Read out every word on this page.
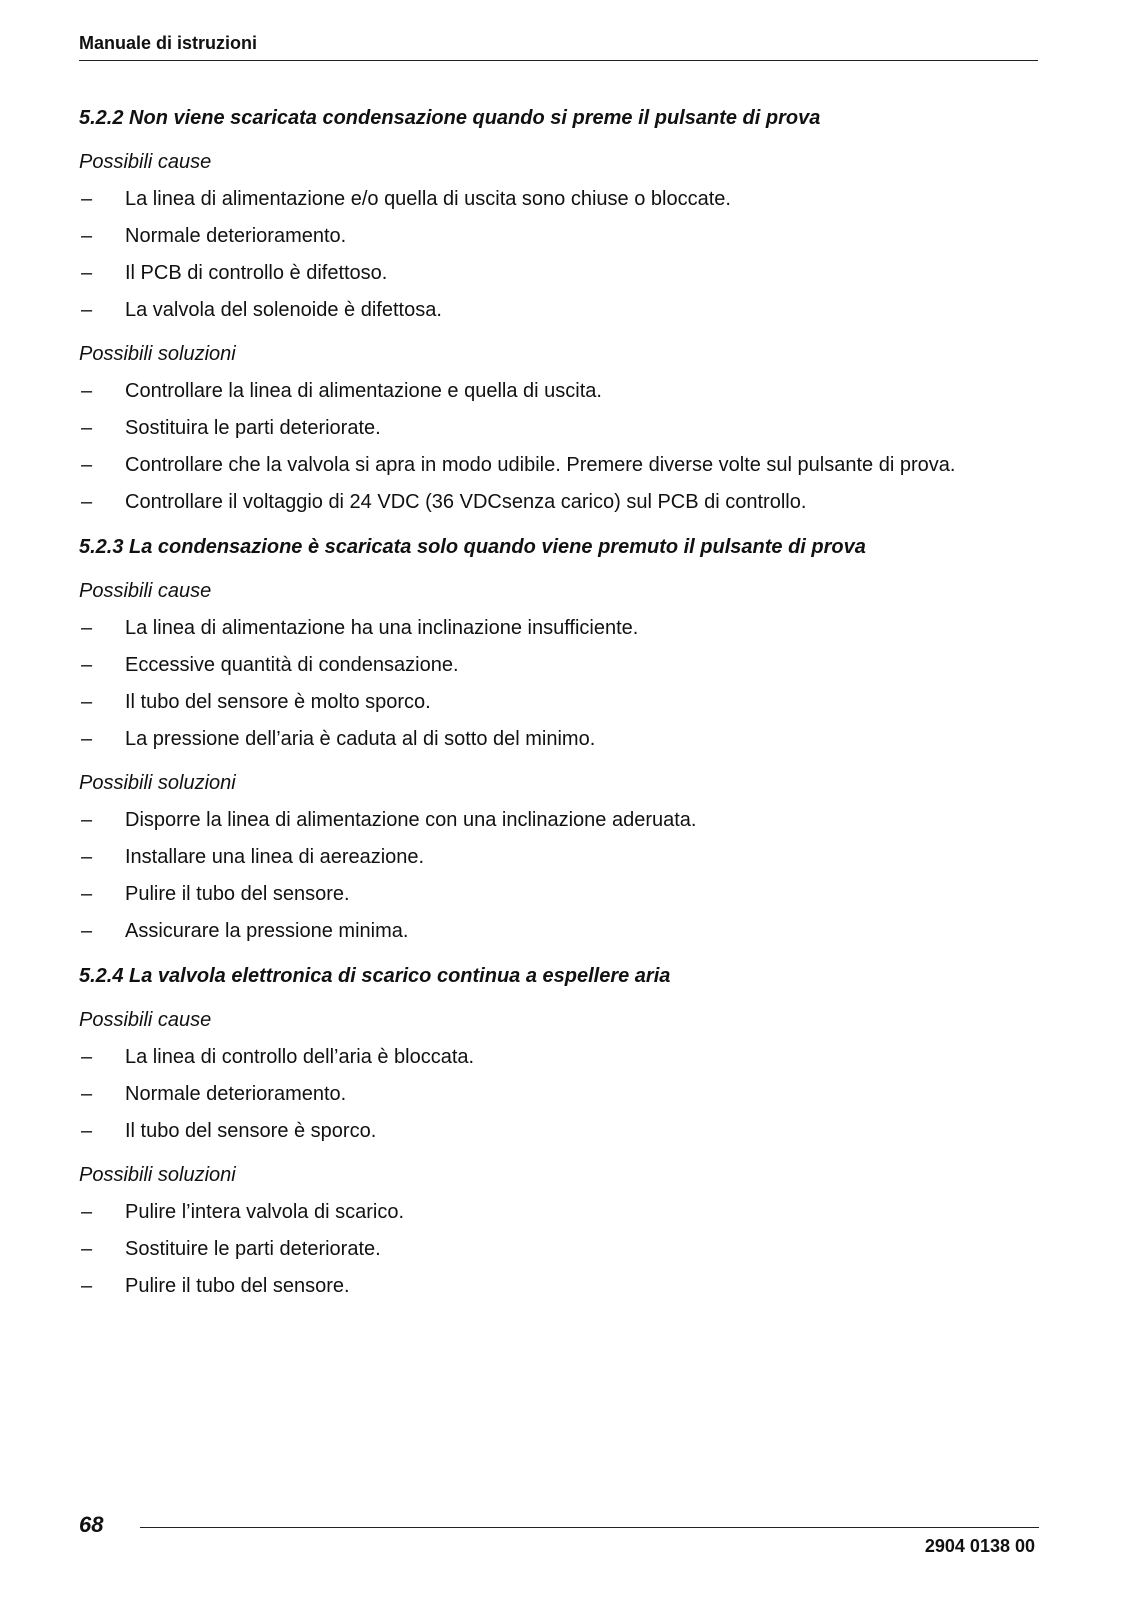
Manuale di istruzioni
5.2.2 Non viene scaricata condensazione quando si preme il pulsante di prova
Possibili cause
– La linea di alimentazione e/o quella di uscita sono chiuse o bloccate.
– Normale deterioramento.
– Il PCB di controllo è difettoso.
– La valvola del solenoide è difettosa.
Possibili soluzioni
– Controllare la linea di alimentazione e quella di uscita.
– Sostituira le parti deteriorate.
– Controllare che la valvola si apra in modo udibile. Premere diverse volte sul pulsante di prova.
– Controllare il voltaggio di 24 VDC (36 VDCsenza carico) sul PCB di controllo.
5.2.3 La condensazione è scaricata solo quando viene premuto il pulsante di prova
Possibili cause
– La linea di alimentazione ha una inclinazione insufficiente.
– Eccessive quantità di condensazione.
– Il tubo del sensore è molto sporco.
– La pressione dell’aria è caduta al di sotto del minimo.
Possibili soluzioni
– Disporre la linea di alimentazione con una inclinazione aderuata.
– Installare una linea di aereazione.
– Pulire il tubo del sensore.
– Assicurare la pressione minima.
5.2.4 La valvola elettronica di scarico continua a espellere aria
Possibili cause
– La linea di controllo dell’aria è bloccata.
– Normale deterioramento.
– Il tubo del sensore è sporco.
Possibili soluzioni
– Pulire l’intera valvola di scarico.
– Sostituire le parti deteriorate.
– Pulire il tubo del sensore.
68
2904 0138 00
